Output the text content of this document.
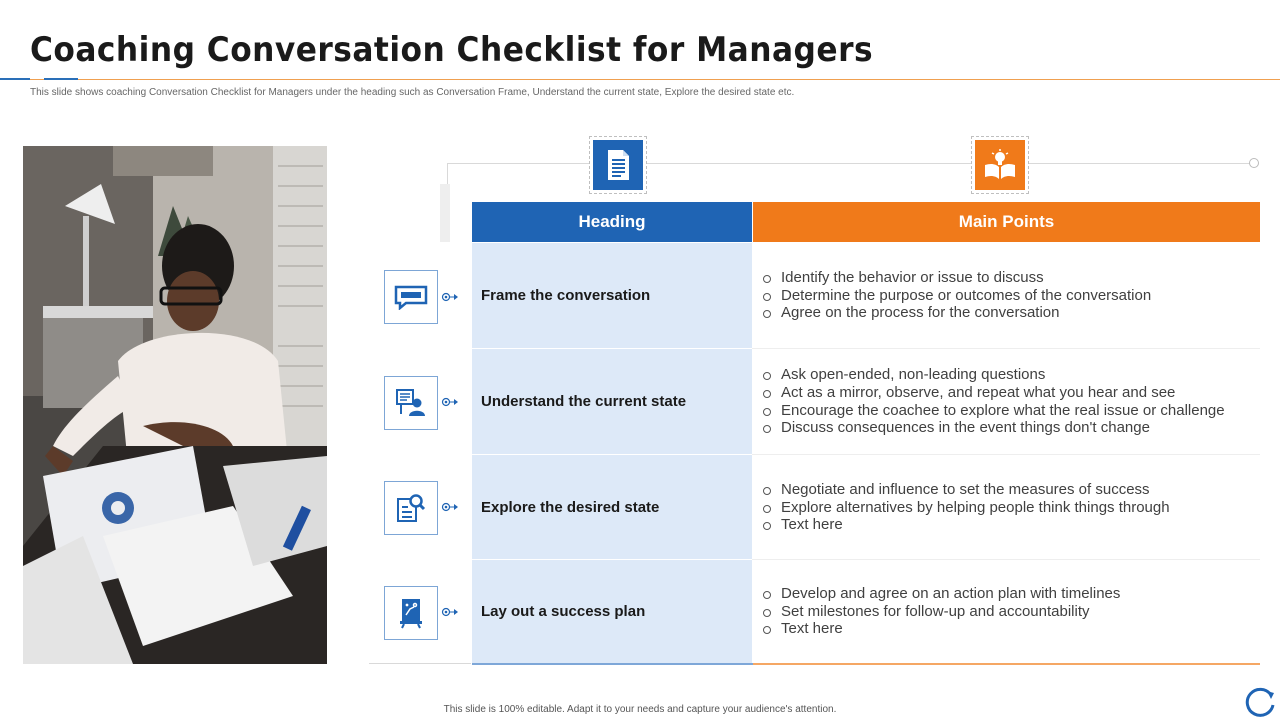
Coaching Conversation Checklist for Managers
This slide shows coaching Conversation Checklist for Managers under the heading such as Conversation Frame, Understand the current state, Explore the desired state etc.
Heading	Main Points
Frame the conversation
Identify the behavior or issue to discuss
Determine the purpose or outcomes of the conversation
Agree on the process for the conversation
Understand the current state
Ask open-ended, non-leading questions
Act as a mirror, observe, and repeat what you hear and see
Encourage the coachee to explore what the real issue or challenge
Discuss consequences in the event things don't change
Explore the desired state
Negotiate and influence to set the measures of success
Explore alternatives by helping people think things through
Text here
Lay out a success plan
Develop and agree on an action plan with timelines
Set milestones for follow-up and accountability
Text here
This slide is 100% editable. Adapt it to your needs and capture your audience's attention.
